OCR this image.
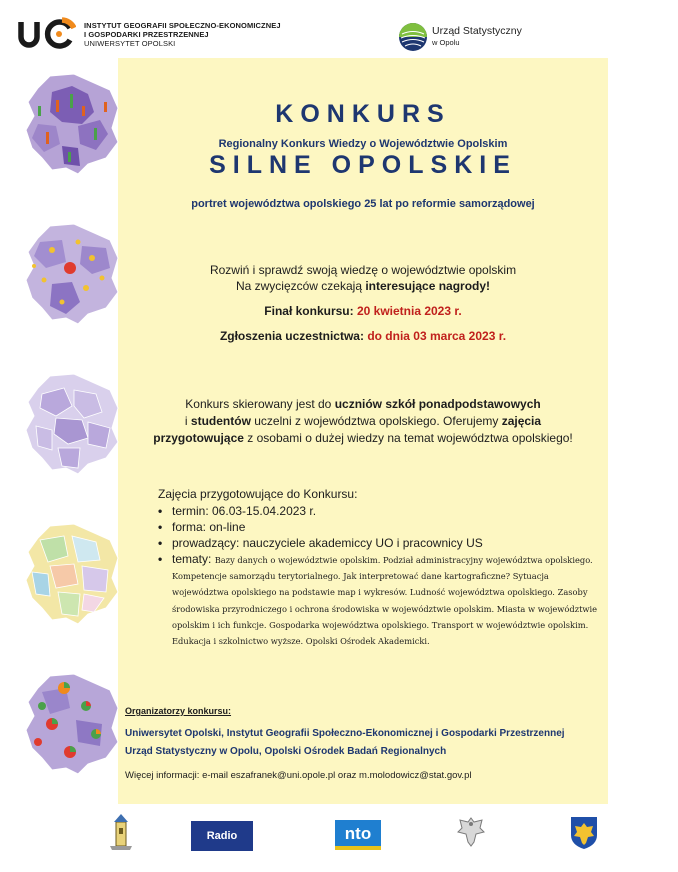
INSTYTUT GEOGRAFII SPOŁECZNO-EKONOMICZNEJ
I GOSPODARKI PRZESTRZENNEJ
UNIWERSYTET OPOLSKI
Urząd Statystyczny
w Opolu
KONKURS
Regionalny Konkurs Wiedzy o Województwie Opolskim
SILNE OPOLSKIE
portret województwa opolskiego 25 lat po reformie samorządowej
Rozwiń i sprawdź swoją wiedzę o województwie opolskim
Na zwycięzców czekają interesujące nagrody!
Finał konkursu: 20 kwietnia 2023 r.
Zgłoszenia uczestnictwa: do dnia 03 marca 2023 r.
Konkurs skierowany jest do uczniów szkół ponadpodstawowych
i studentów uczelni z województwa opolskiego. Oferujemy zajęcia
przygotowujące z osobami o dużej wiedzy na temat województwa opolskiego!
Zajęcia przygotowujące do Konkursu:
• termin: 06.03-15.04.2023 r.
• forma: on-line
• prowadzący: nauczyciele akademiccy UO i pracownicy US
• tematy: Bazy danych o województwie opolskim. Podział administracyjny województwa opolskiego. Kompetencje samorządu terytorialnego. Jak interpretować dane kartograficzne? Sytuacja województwa opolskiego na podstawie map i wykresów. Ludność województwa opolskiego. Zasoby środowiska przyrodniczego i ochrona środowiska w województwie opolskim. Miasta w województwie opolskim i ich funkcje. Gospodarka województwa opolskiego. Transport w województwie opolskim. Edukacja i szkolnictwo wyższe. Opolski Ośrodek Akademicki.
Organizatorzy konkursu:
Uniwersytet Opolski, Instytut Geografii Społeczno-Ekonomicznej i Gospodarki Przestrzennej
Urząd Statystyczny w Opolu, Opolski Ośrodek Badań Regionalnych
Więcej informacji: e-mail eszafranek@uni.opole.pl oraz m.molodowicz@stat.gov.pl
Radio Opole
nto
